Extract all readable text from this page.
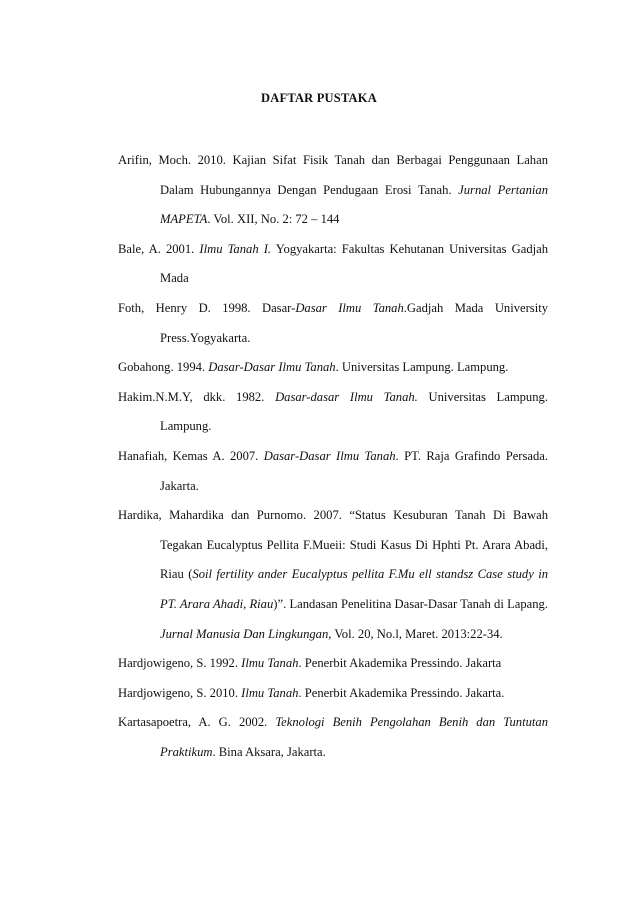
DAFTAR PUSTAKA

Arifin, Moch. 2010. Kajian Sifat Fisik Tanah dan Berbagai Penggunaan Lahan Dalam Hubungannya Dengan Pendugaan Erosi Tanah. Jurnal Pertanian MAPETA. Vol. XII, No. 2: 72 – 144

Bale, A. 2001. Ilmu Tanah I. Yogyakarta: Fakultas Kehutanan Universitas Gadjah Mada

Foth, Henry D. 1998. Dasar-Dasar Ilmu Tanah.Gadjah Mada University Press.Yogyakarta.

Gobahong. 1994. Dasar-Dasar Ilmu Tanah. Universitas Lampung. Lampung.

Hakim.N.M.Y, dkk. 1982. Dasar-dasar Ilmu Tanah. Universitas Lampung. Lampung.

Hanafiah, Kemas A. 2007. Dasar-Dasar Ilmu Tanah. PT. Raja Grafindo Persada. Jakarta.

Hardika, Mahardika dan Purnomo. 2007. “Status Kesuburan Tanah Di Bawah Tegakan Eucalyptus Pellita F.Mueii: Studi Kasus Di Hphti Pt. Arara Abadi, Riau (Soil fertility ander Eucalyptus pellita F.Mu ell standsz Case study in PT. Arara Ahadi, Riau)”. Landasan Penelitina Dasar-Dasar Tanah di Lapang. Jurnal Manusia Dan Lingkungan, Vol. 20, No.l, Maret. 2013:22-34.

Hardjowigeno, S. 1992. Ilmu Tanah. Penerbit Akademika Pressindo. Jakarta

Hardjowigeno, S. 2010. Ilmu Tanah. Penerbit Akademika Pressindo. Jakarta.

Kartasapoetra, A. G. 2002. Teknologi Benih Pengolahan Benih dan Tuntutan Praktikum. Bina Aksara, Jakarta.
